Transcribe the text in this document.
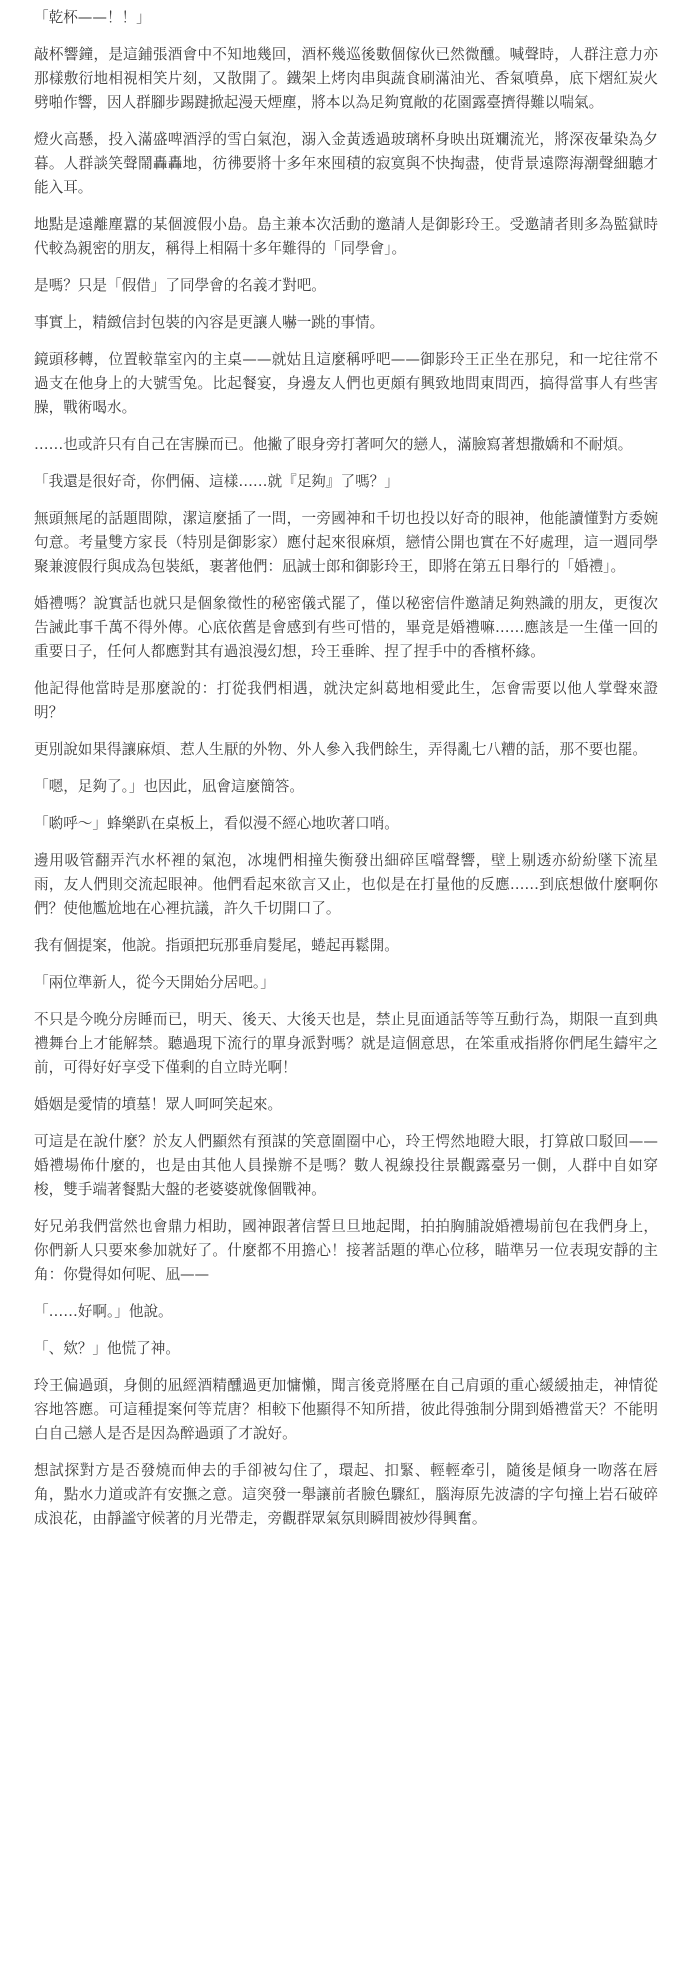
「乾杯——！！」

敲杯響鐘，是這鋪張酒會中不知地幾回，酒杯幾巡後數個傢伙已然微醺。喊聲時，人群注意力亦那樣敷衍地相視相笑片刻，又散開了。鐵架上烤肉串與蔬食刷滿油光、香氣噴鼻，底下熠紅炭火劈啪作響，因人群腳步踢踺掀起漫天煙塵，將本以為足夠寬敞的花園露臺擠得難以喘氣。

燈火高懸，投入滿盛啤酒浮的雪白氣泡，溺入金黃透過玻璃杯身映出斑斕流光，將深夜暈染為夕暮。人群談笑聲鬧轟轟地，彷彿要將十多年來囤積的寂寞與不快掏盡，使背景遠際海潮聲細聽才能入耳。

地點是遠離塵囂的某個渡假小島。島主兼本次活動的邀請人是御影玲王。受邀請者則多為監獄時代較為親密的朋友，稱得上相隔十多年難得的「同學會」。

是嗎？只是「假借」了同學會的名義才對吧。

事實上，精緻信封包裝的內容是更讓人嚇一跳的事情。

鏡頭移轉，位置較靠室內的主桌——就姑且這麼稱呼吧——御影玲王正坐在那兒，和一坨往常不過支在他身上的大號雪兔。比起餐宴，身邊友人們也更頗有興致地問東問西，搞得當事人有些害臊，戰術喝水。

……也或許只有自己在害臊而已。他撇了眼身旁打著呵欠的戀人，滿臉寫著想撒嬌和不耐煩。

「我還是很好奇，你們倆、這樣……就『足夠』了嗎？」

無頭無尾的話題間隙，潔這麼插了一問，一旁國神和千切也投以好奇的眼神，他能讀懂對方委婉句意。考量雙方家長（特別是御影家）應付起來很麻煩，戀情公開也實在不好處理，這一週同學聚兼渡假行與成為包裝紙，裹著他們：凪誠士郎和御影玲王，即將在第五日舉行的「婚禮」。

婚禮嗎？說實話也就只是個象徵性的秘密儀式罷了，僅以秘密信件邀請足夠熟識的朋友，更復次告誡此事千萬不得外傳。心底依舊是會感到有些可惜的，畢竟是婚禮嘛……應該是一生僅一回的重要日子，任何人都應對其有過浪漫幻想，玲王垂眸、捏了捏手中的香檳杯緣。

他記得他當時是那麼說的：打從我們相遇，就決定糾葛地相愛此生，怎會需要以他人掌聲來證明？

更別說如果得讓麻煩、惹人生厭的外物、外人參入我們餘生，弄得亂七八糟的話，那不要也罷。

「嗯，足夠了。」也因此，凪會這麼簡答。

「喲呼～」蜂樂趴在桌板上，看似漫不經心地吹著口哨。

邊用吸管翻弄汽水杯裡的氣泡，冰塊們相撞失衡發出細碎匡噹聲響，壁上剔透亦紛紛墜下流星雨，友人們則交流起眼神。他們看起來欲言又止，也似是在打量他的反應……到底想做什麼啊你們？使他尷尬地在心裡抗議，許久千切開口了。

我有個提案，他說。指頭把玩那垂肩髮尾，蜷起再鬆開。

「兩位準新人，從今天開始分居吧。」

不只是今晚分房睡而已，明天、後天、大後天也是，禁止見面通話等等互動行為，期限一直到典禮舞台上才能解禁。聽過現下流行的單身派對嗎？就是這個意思，在笨重戒指將你們尾生鑄牢之前，可得好好享受下僅剩的自立時光啊！

婚姻是愛情的墳墓！眾人呵呵笑起來。

可這是在說什麼？於友人們顯然有預謀的笑意圍圈中心，玲王愕然地瞪大眼，打算啟口駁回——婚禮場佈什麼的，也是由其他人員操辦不是嗎？數人視線投往景觀露臺另一側，人群中自如穿梭，雙手端著餐點大盤的老婆婆就像個戰神。

好兄弟我們當然也會鼎力相助，國神跟著信誓旦旦地起聞，拍拍胸脯說婚禮場前包在我們身上，你們新人只要來參加就好了。什麼都不用擔心！接著話題的準心位移，瞄準另一位表現安靜的主角：你覺得如何呢、凪——

「……好啊。」他說。

「、欸？」他慌了神。

玲王偏過頭，身側的凪經酒精醺過更加慵懶，聞言後竟將壓在自己肩頭的重心緩緩抽走，神情從容地答應。可這種提案何等荒唐？相較下他顯得不知所措，彼此得強制分開到婚禮當天？不能明白自己戀人是否是因為醉過頭了才說好。

想試探對方是否發燒而伸去的手卻被勾住了，環起、扣緊、輕輕牽引，隨後是傾身一吻落在唇角，點水力道或許有安撫之意。這突發一舉讓前者臉色驟紅，腦海原先波濤的字句撞上岩石破碎成浪花，由靜謐守候著的月光帶走，旁觀群眾氣氛則瞬間被炒得興奮。
